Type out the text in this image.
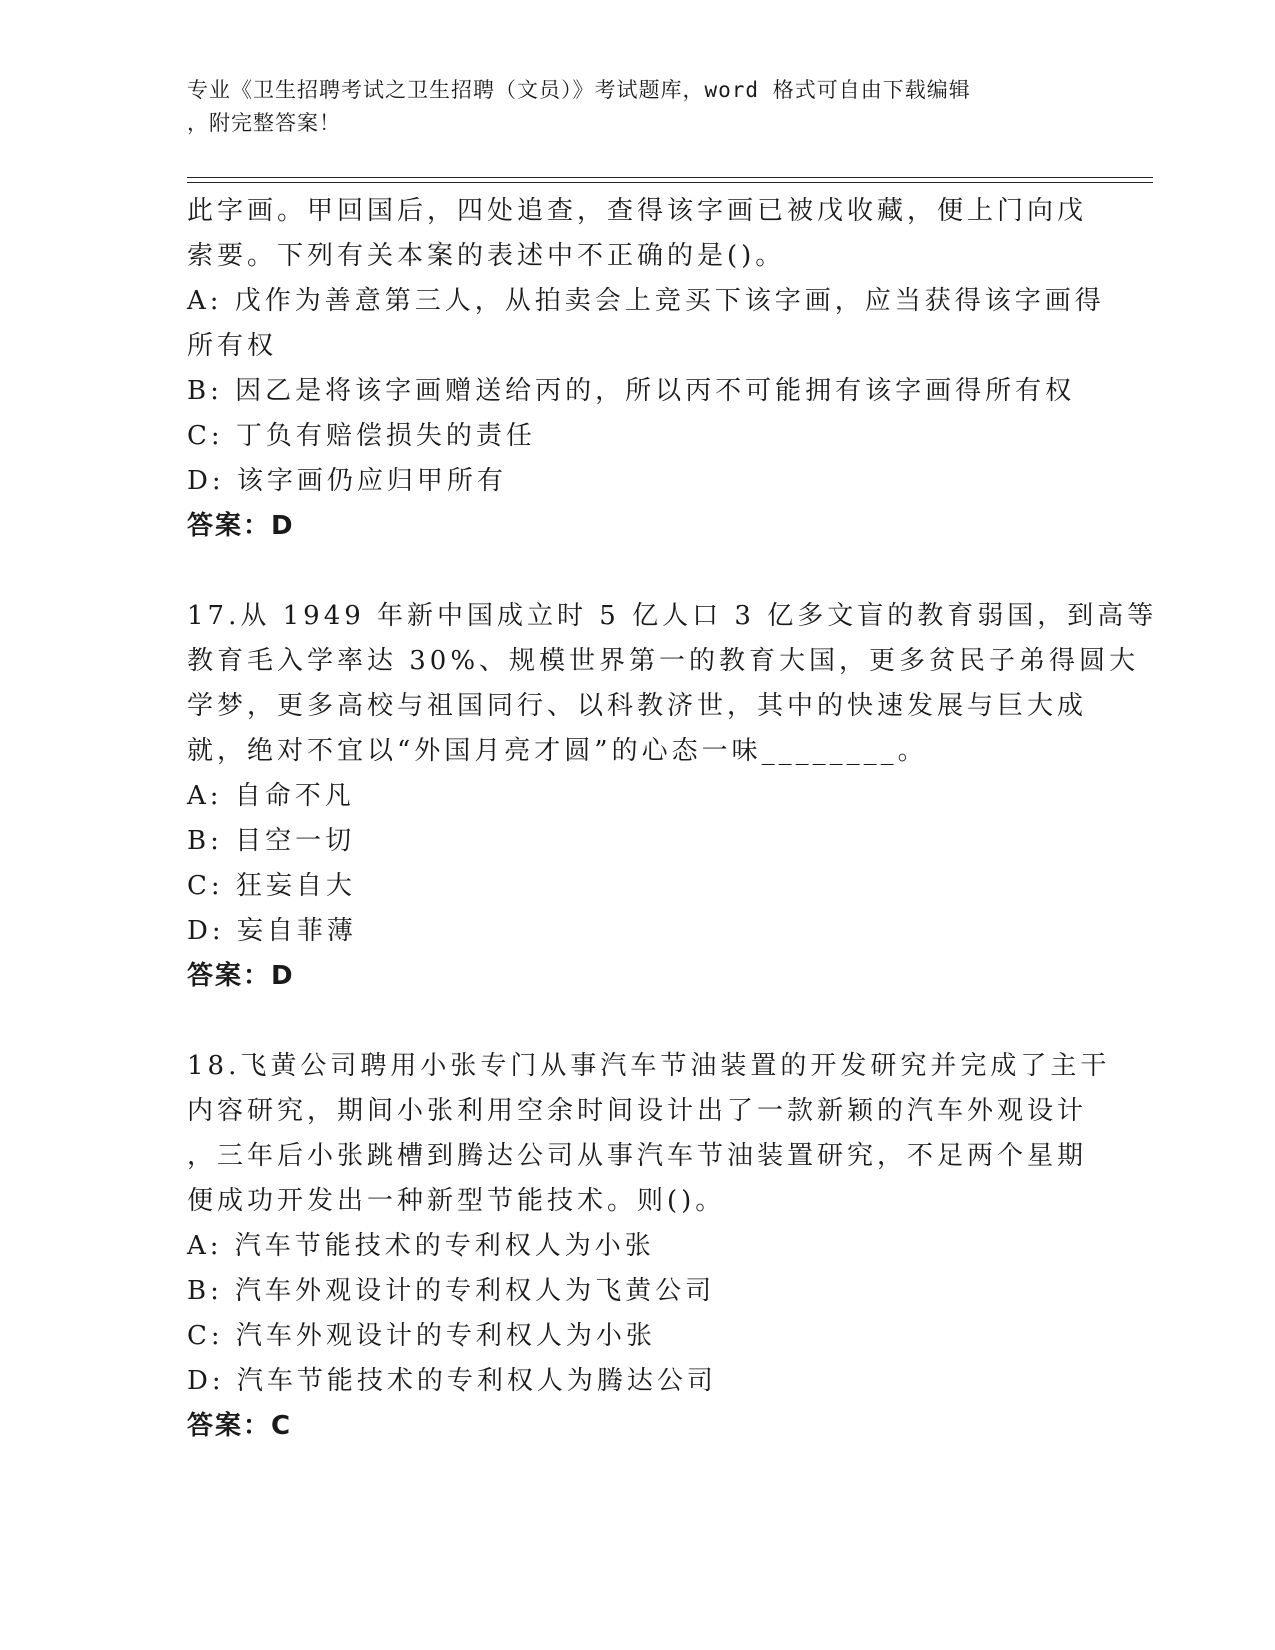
专业《卫生招聘考试之卫生招聘（文员）》考试题库，word 格式可自由下载编辑
，附完整答案！
此字画。甲回国后，四处追查，查得该字画已被戊收藏，便上门向戊
索要。下列有关本案的表述中不正确的是()。
A: 戊作为善意第三人，从拍卖会上竞买下该字画，应当获得该字画得
所有权
B: 因乙是将该字画赠送给丙的，所以丙不可能拥有该字画得所有权
C: 丁负有赔偿损失的责任
D: 该字画仍应归甲所有
答案：D
17.从 1949 年新中国成立时 5 亿人口 3 亿多文盲的教育弱国，到高等
教育毛入学率达 30%、规模世界第一的教育大国，更多贫民子弟得圆大
学梦，更多高校与祖国同行、以科教济世，其中的快速发展与巨大成
就，绝对不宜以“外国月亮才圆”的心态一味________。
A: 自命不凡
B: 目空一切
C: 狂妄自大
D: 妄自菲薄
答案：D
18.飞黄公司聘用小张专门从事汽车节油装置的开发研究并完成了主干
内容研究，期间小张利用空余时间设计出了一款新颖的汽车外观设计
，三年后小张跳槽到腾达公司从事汽车节油装置研究，不足两个星期
便成功开发出一种新型节能技术。则()。
A: 汽车节能技术的专利权人为小张
B: 汽车外观设计的专利权人为飞黄公司
C: 汽车外观设计的专利权人为小张
D: 汽车节能技术的专利权人为腾达公司
答案：C
